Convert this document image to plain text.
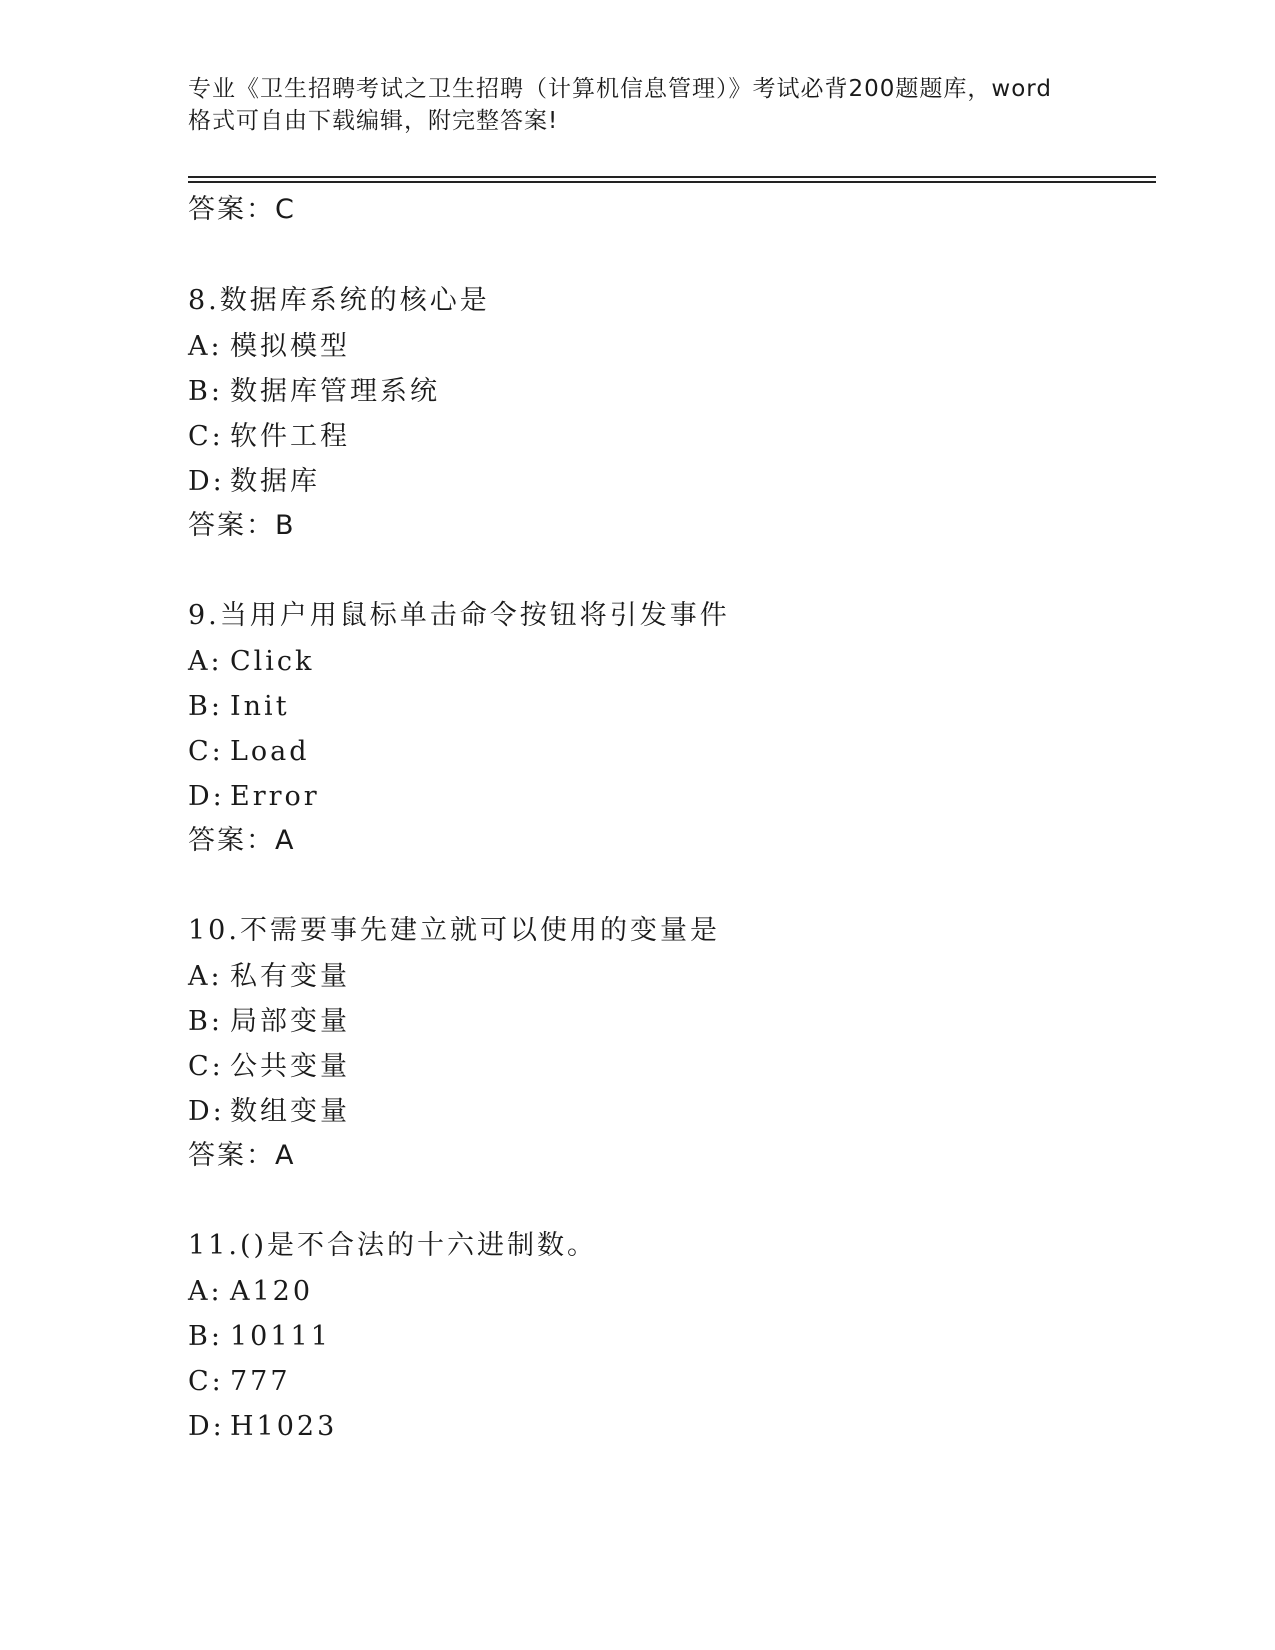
专业《卫生招聘考试之卫生招聘（计算机信息管理）》考试必背200题题库，word
格式可自由下载编辑，附完整答案!
答案：C
8.数据库系统的核心是
A: 模拟模型
B: 数据库管理系统
C: 软件工程
D: 数据库
答案：B
9.当用户用鼠标单击命令按钮将引发事件
A: Click
B: Init
C: Load
D: Error
答案：A
10.不需要事先建立就可以使用的变量是
A: 私有变量
B: 局部变量
C: 公共变量
D: 数组变量
答案：A
11.()是不合法的十六进制数。
A: A120
B: 10111
C: 777
D: H1023
